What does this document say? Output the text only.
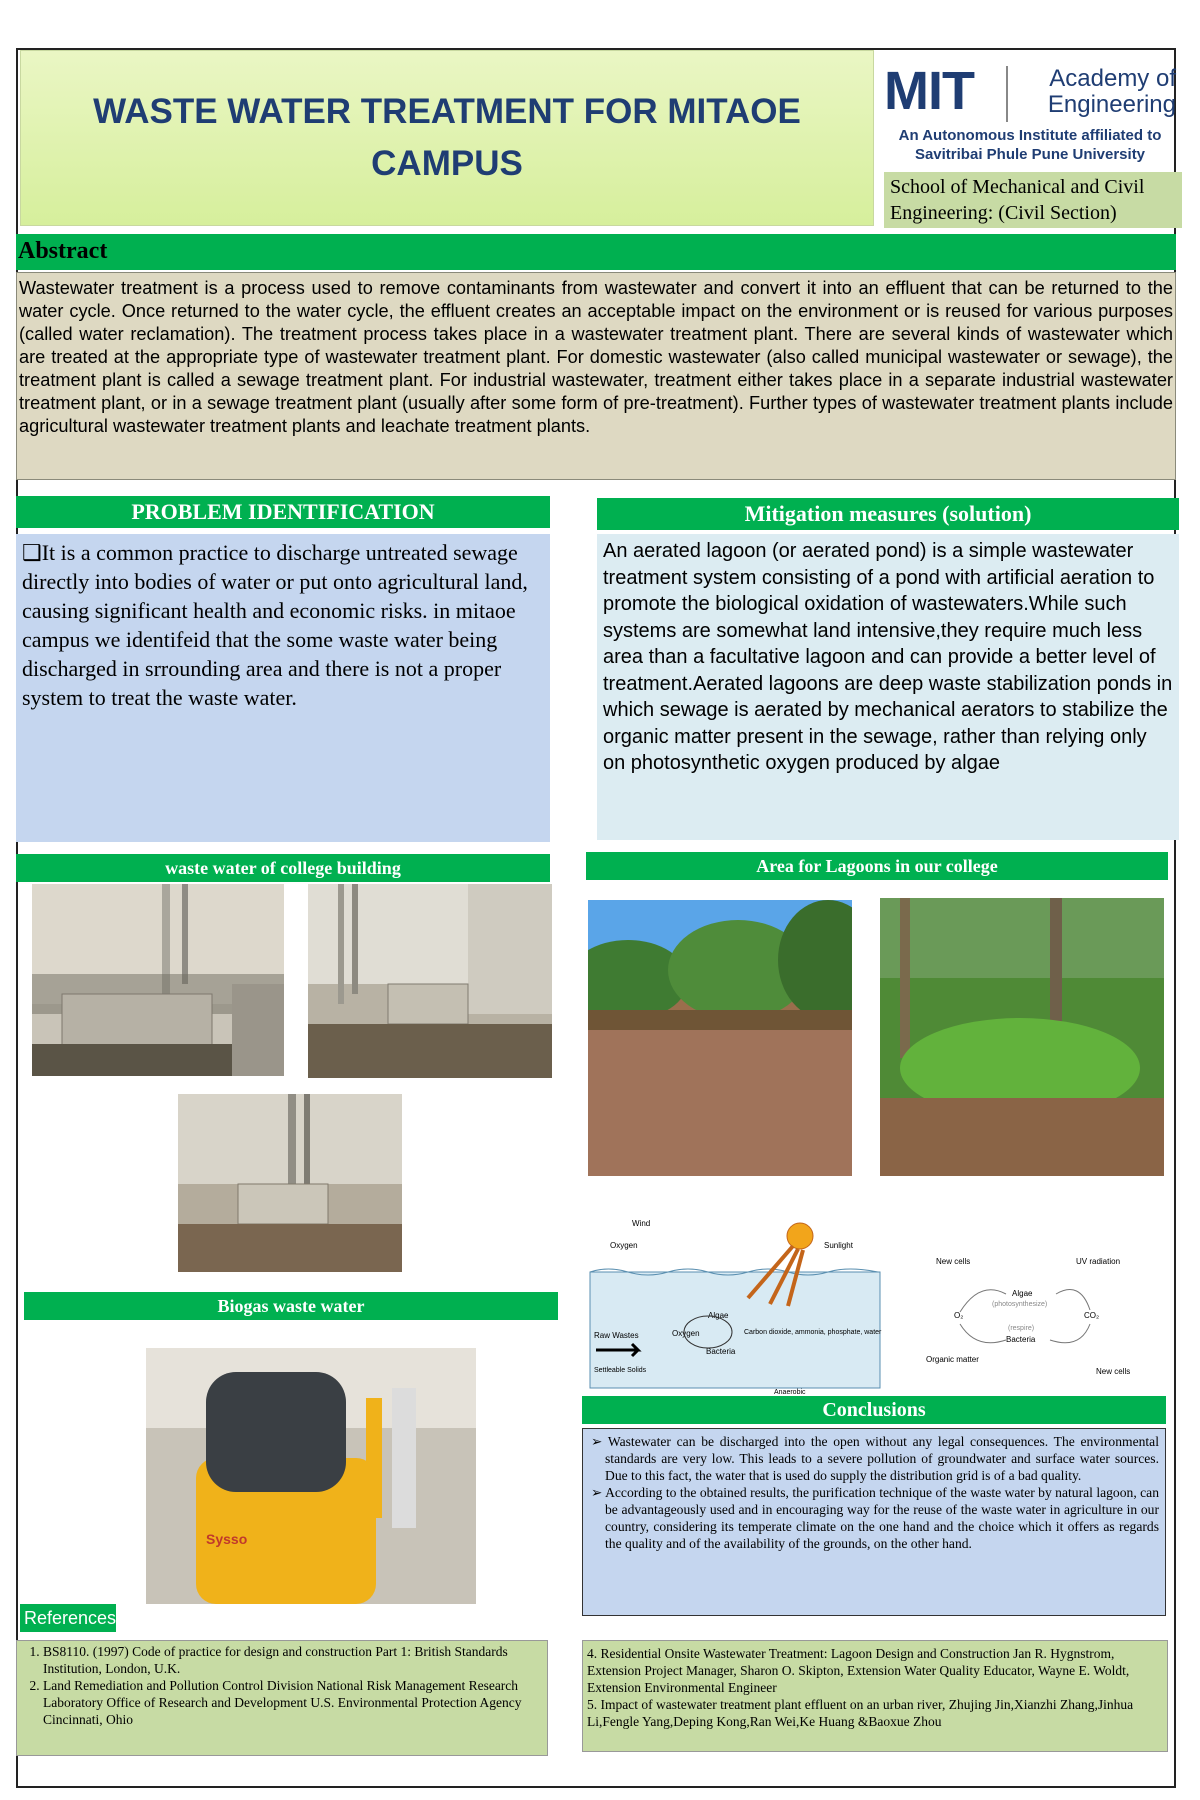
WASTE WATER TREATMENT FOR MITAOE CAMPUS
MIT	Academy of Engineering
An Autonomous Institute affiliated to Savitribai Phule Pune University
School of Mechanical and Civil Engineering: (Civil Section)
Abstract
Wastewater treatment is a process used to remove contaminants from wastewater and convert it into an effluent that can be returned to the water cycle. Once returned to the water cycle, the effluent creates an acceptable impact on the environment or is reused for various purposes (called water reclamation). The treatment process takes place in a wastewater treatment plant. There are several kinds of wastewater which are treated at the appropriate type of wastewater treatment plant. For domestic wastewater (also called municipal wastewater or sewage), the treatment plant is called a sewage treatment plant. For industrial wastewater, treatment either takes place in a separate industrial wastewater treatment plant, or in a sewage treatment plant (usually after some form of pre-treatment). Further types of wastewater treatment plants include agricultural wastewater treatment plants and leachate treatment plants.
PROBLEM IDENTIFICATION
❑It is a common practice to discharge untreated sewage directly into bodies of water or put onto agricultural land, causing significant health and economic risks. in mitaoe campus we identifeid that the some waste water being discharged in srrounding area and there is not a proper system to treat the waste water.
Mitigation measures (solution)
An aerated lagoon (or aerated pond) is a simple wastewater treatment system consisting of a pond with artificial aeration to promote the biological oxidation of wastewaters.While such systems are somewhat land intensive,they require much less area than a facultative lagoon and can provide a better level of treatment.Aerated lagoons are deep waste stabilization ponds in which sewage is aerated by mechanical aerators to stabilize the organic matter present in the sewage, rather than relying only on photosynthetic oxygen produced by algae
waste water of college building	Area for Lagoons in our college
Biogas waste water
Wind
Oxygen	Sunlight
Algae
Oxygen
Bacteria
Carbon dioxide, ammonia, phosphate, water
Raw Wastes
Settleable Solids
Anaerobic
New cells	UV radiation
Algae
(photosynthesize)
O₂	CO₂
(respire)
Bacteria
Organic matter
New cells
Sysso
Conclusions

➢ Wastewater can be discharged into the open without any legal consequences. The environmental standards are very low. This leads to a severe pollution of groundwater and surface water sources. Due to this fact, the water that is used do supply the distribution grid is of a bad quality.

➢ According to the obtained results, the purification technique of the waste water by natural lagoon, can be advantageously used and in encouraging way for the reuse of the waste water in agriculture in our country, considering its temperate climate on the one hand and the choice which it offers as regards the quality and of the availability of the grounds, on the other hand.

References:
1. BS8110. (1997) Code of practice for design and construction Part 1: British Standards Institution, London, U.K.
2. Land Remediation and Pollution Control Division National Risk Management Research Laboratory Office of Research and Development U.S. Environmental Protection Agency Cincinnati, Ohio
4. Residential Onsite Wastewater Treatment: Lagoon Design and Construction Jan R. Hygnstrom, Extension Project Manager, Sharon O. Skipton, Extension Water Quality Educator, Wayne E. Woldt, Extension Environmental Engineer
5. Impact of wastewater treatment plant effluent on an urban river, Zhujing Jin,Xianzhi Zhang,Jinhua Li,Fengle Yang,Deping Kong,Ran Wei,Ke Huang &Baoxue Zhou
